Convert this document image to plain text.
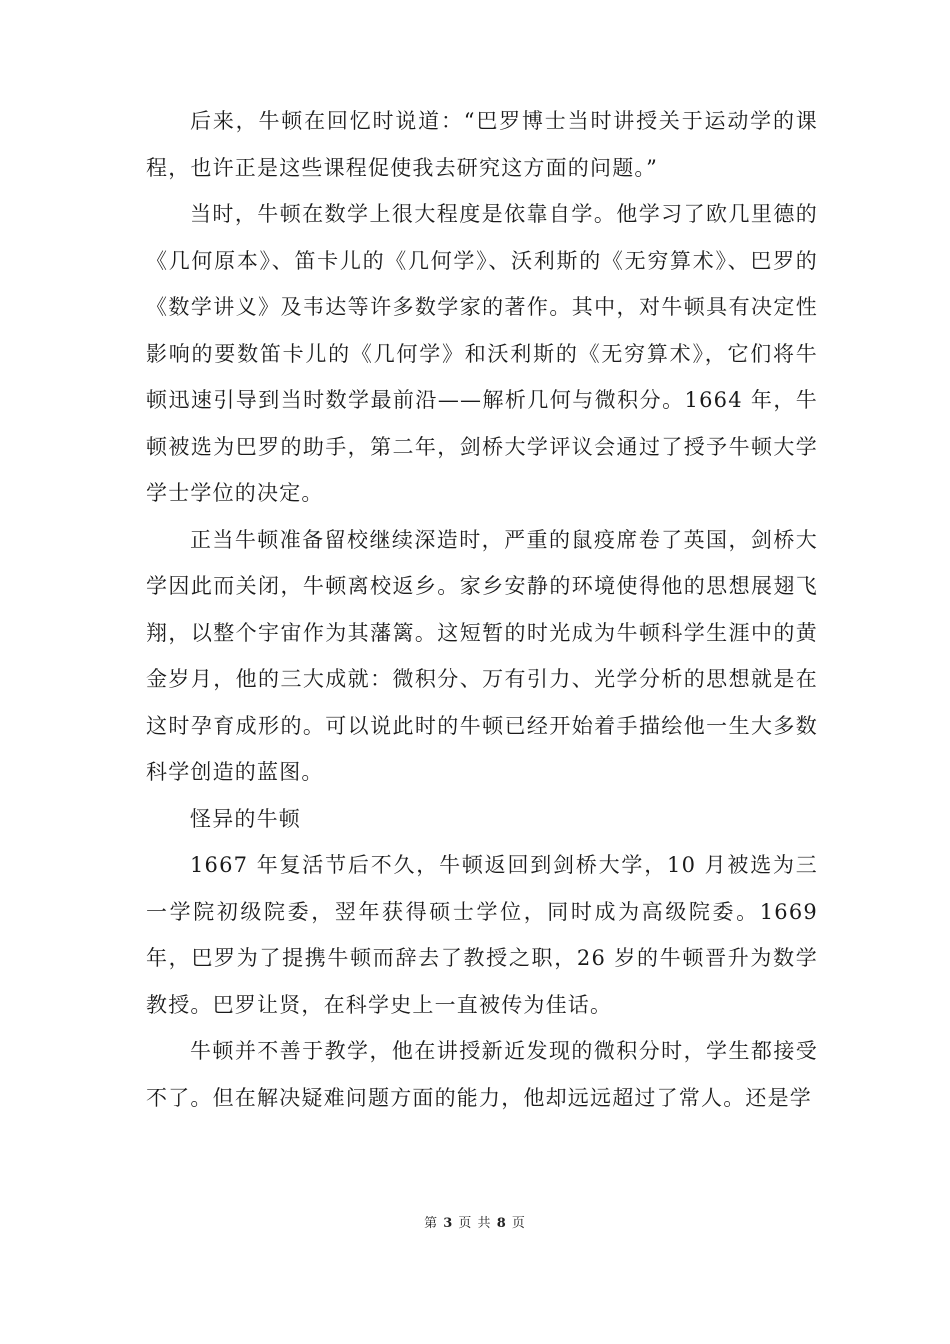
后来，牛顿在回忆时说道：“巴罗博士当时讲授关于运动学的课程，也许正是这些课程促使我去研究这方面的问题。”

当时，牛顿在数学上很大程度是依靠自学。他学习了欧几里德的《几何原本》、笛卡儿的《几何学》、沃利斯的《无穷算术》、巴罗的《数学讲义》及韦达等许多数学家的著作。其中，对牛顿具有决定性影响的要数笛卡儿的《几何学》和沃利斯的《无穷算术》，它们将牛顿迅速引导到当时数学最前沿——解析几何与微积分。1664 年，牛顿被选为巴罗的助手，第二年，剑桥大学评议会通过了授予牛顿大学学士学位的决定。

正当牛顿准备留校继续深造时，严重的鼠疫席卷了英国，剑桥大学因此而关闭，牛顿离校返乡。家乡安静的环境使得他的思想展翅飞翔，以整个宇宙作为其藩篱。这短暂的时光成为牛顿科学生涯中的黄金岁月，他的三大成就：微积分、万有引力、光学分析的思想就是在这时孕育成形的。可以说此时的牛顿已经开始着手描绘他一生大多数科学创造的蓝图。

怪异的牛顿

1667 年复活节后不久，牛顿返回到剑桥大学，10 月被选为三一学院初级院委，翌年获得硕士学位，同时成为高级院委。1669 年，巴罗为了提携牛顿而辞去了教授之职，26 岁的牛顿晋升为数学教授。巴罗让贤，在科学史上一直被传为佳话。

牛顿并不善于教学，他在讲授新近发现的微积分时，学生都接受不了。但在解决疑难问题方面的能力，他却远远超过了常人。还是学

第 3 页 共 8 页
